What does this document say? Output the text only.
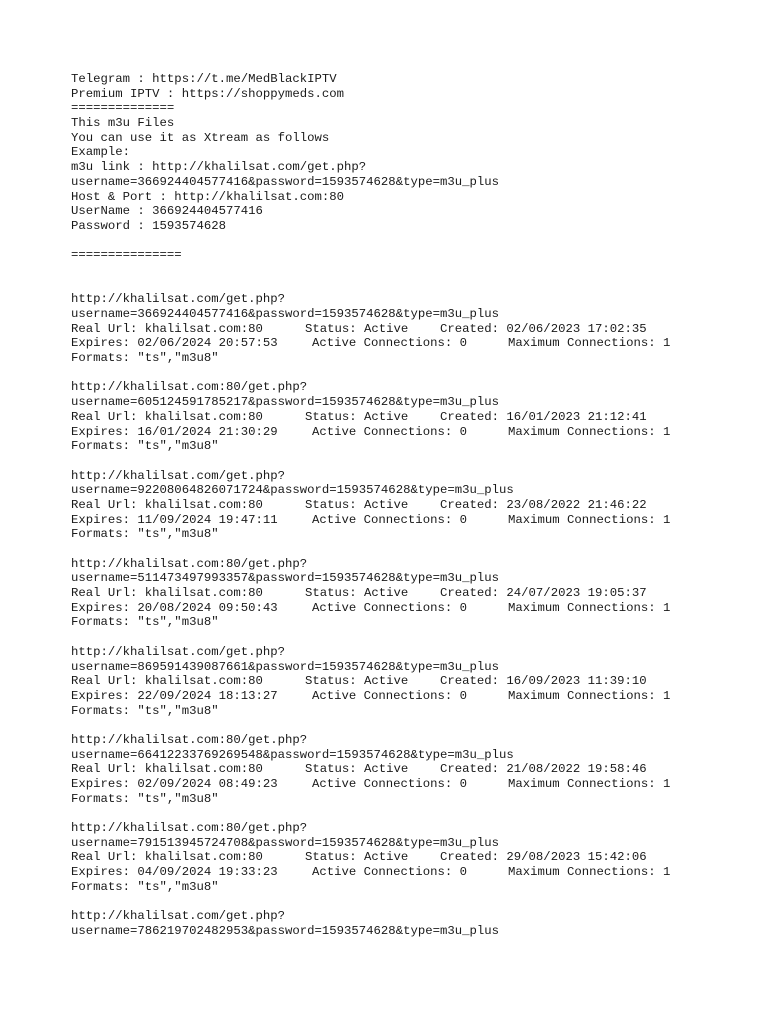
Telegram : https://t.me/MedBlackIPTV
Premium IPTV : https://shoppymeds.com
==============
This m3u Files
You can use it as Xtream as follows
Example:
m3u link : http://khalilsat.com/get.php?
username=366924404577416&password=1593574628&type=m3u_plus
Host & Port : http://khalilsat.com:80
UserName : 366924404577416
Password : 1593574628
===============
http://khalilsat.com/get.php?
username=366924404577416&password=1593574628&type=m3u_plus
Real Url: khalilsat.com:80	Status: Active	Created: 02/06/2023 17:02:35
Expires: 02/06/2024 20:57:53	Active Connections: 0	Maximum Connections: 1
Formats: "ts","m3u8"
http://khalilsat.com:80/get.php?
username=605124591785217&password=1593574628&type=m3u_plus
Real Url: khalilsat.com:80	Status: Active	Created: 16/01/2023 21:12:41
Expires: 16/01/2024 21:30:29	Active Connections: 0	Maximum Connections: 1
Formats: "ts","m3u8"
http://khalilsat.com/get.php?
username=92208064826071724&password=1593574628&type=m3u_plus
Real Url: khalilsat.com:80	Status: Active	Created: 23/08/2022 21:46:22
Expires: 11/09/2024 19:47:11	Active Connections: 0	Maximum Connections: 1
Formats: "ts","m3u8"
http://khalilsat.com:80/get.php?
username=511473497993357&password=1593574628&type=m3u_plus
Real Url: khalilsat.com:80	Status: Active	Created: 24/07/2023 19:05:37
Expires: 20/08/2024 09:50:43	Active Connections: 0	Maximum Connections: 1
Formats: "ts","m3u8"
http://khalilsat.com/get.php?
username=869591439087661&password=1593574628&type=m3u_plus
Real Url: khalilsat.com:80	Status: Active	Created: 16/09/2023 11:39:10
Expires: 22/09/2024 18:13:27	Active Connections: 0	Maximum Connections: 1
Formats: "ts","m3u8"
http://khalilsat.com:80/get.php?
username=66412233769269548&password=1593574628&type=m3u_plus
Real Url: khalilsat.com:80	Status: Active	Created: 21/08/2022 19:58:46
Expires: 02/09/2024 08:49:23	Active Connections: 0	Maximum Connections: 1
Formats: "ts","m3u8"
http://khalilsat.com:80/get.php?
username=791513945724708&password=1593574628&type=m3u_plus
Real Url: khalilsat.com:80	Status: Active	Created: 29/08/2023 15:42:06
Expires: 04/09/2024 19:33:23	Active Connections: 0	Maximum Connections: 1
Formats: "ts","m3u8"
http://khalilsat.com/get.php?
username=786219702482953&password=1593574628&type=m3u_plus
